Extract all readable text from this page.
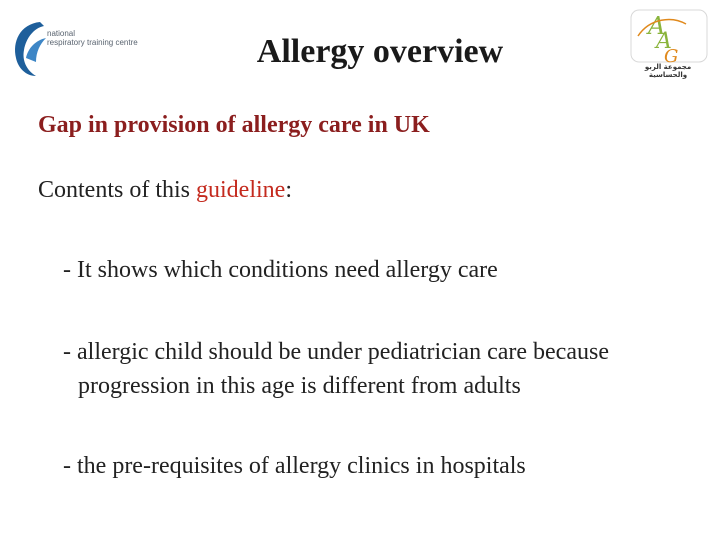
national
respiratory training centre
A
A
G
مجموعة الربو والحساسية
Allergy overview

Gap in provision of allergy care in UK

Contents of this guideline:

- It shows which conditions need allergy care

- allergic child should be under pediatrician care because
progression in this age is different from adults

- the pre-requisites of allergy clinics in hospitals
